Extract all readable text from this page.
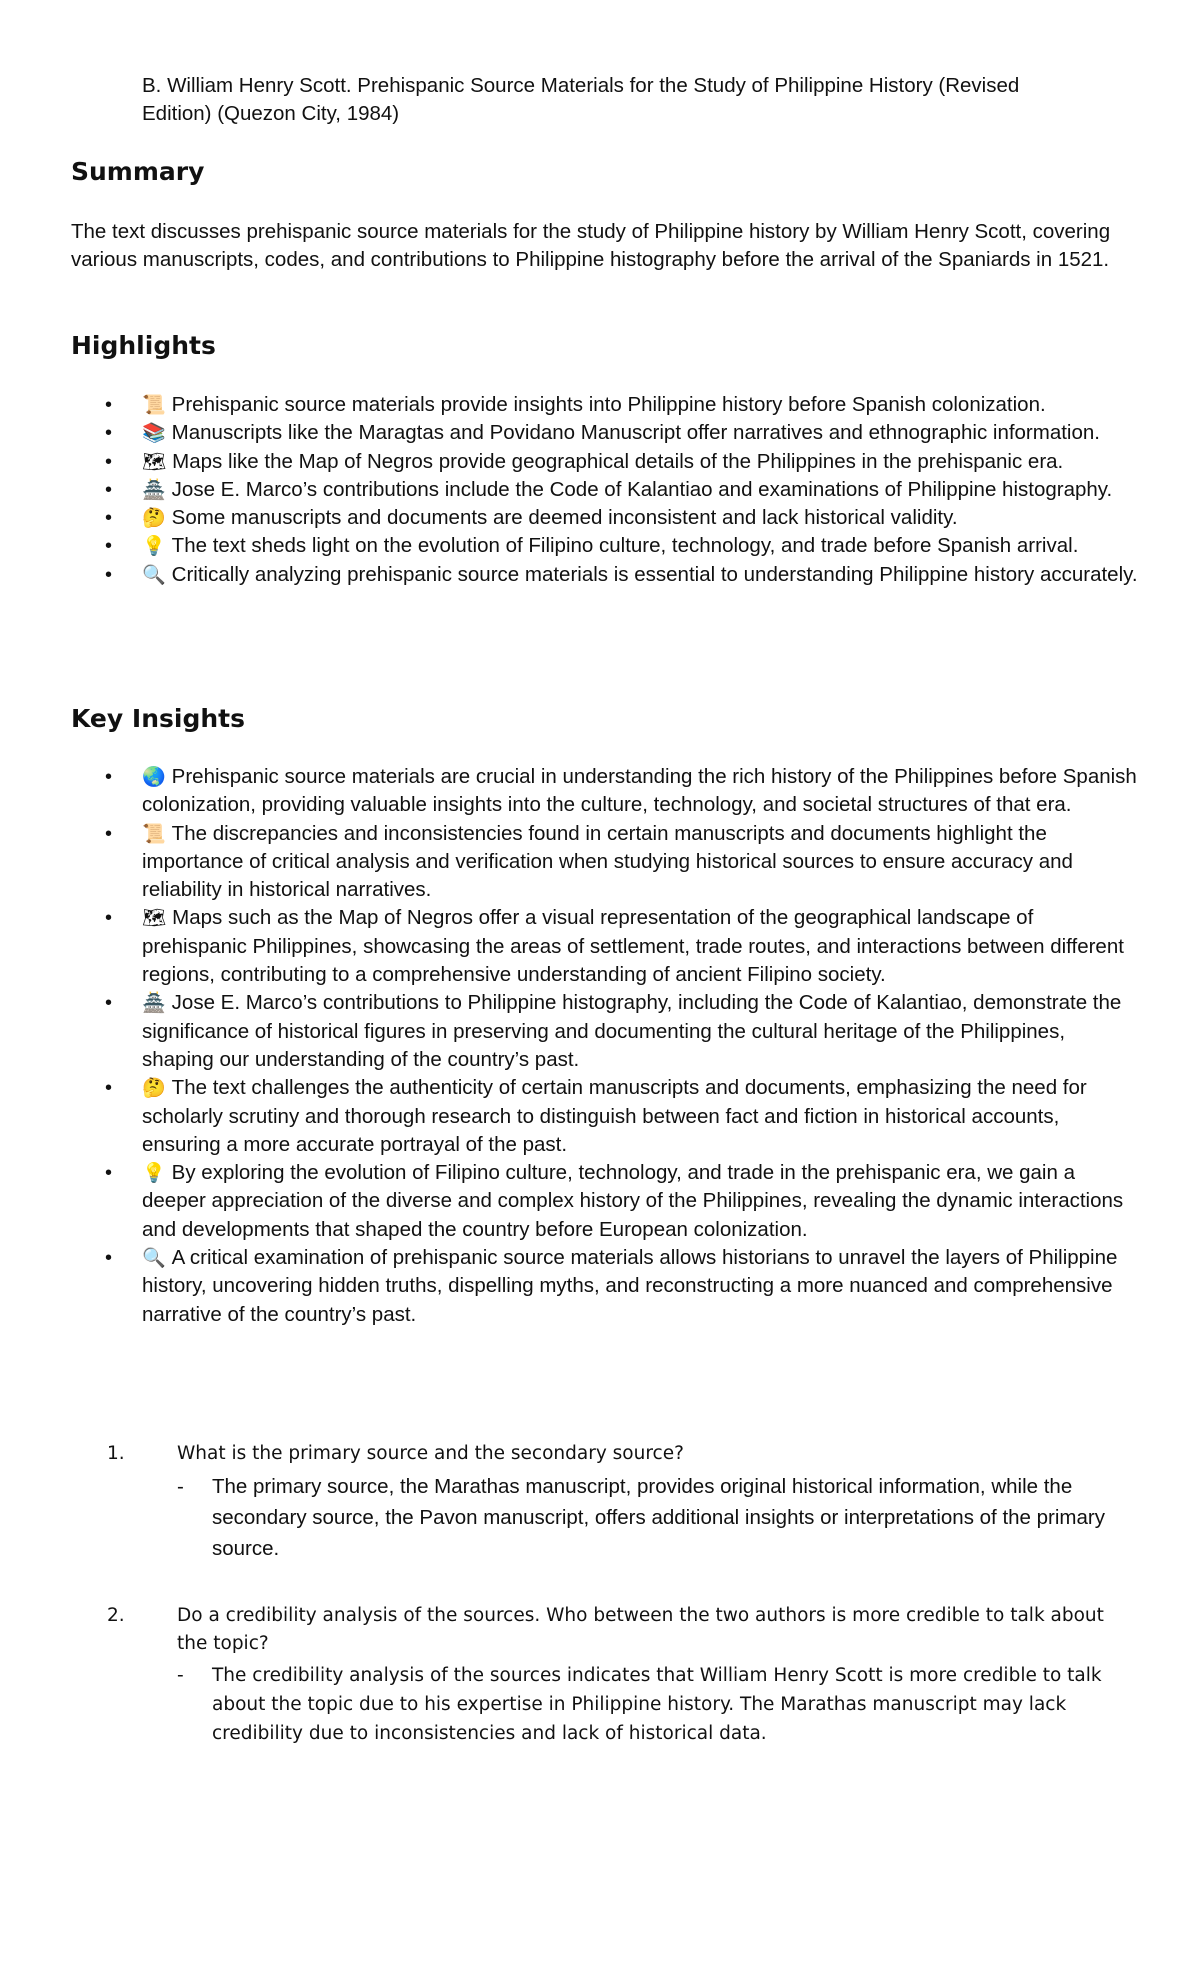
B. William Henry Scott. Prehispanic Source Materials for the Study of Philippine History (Revised Edition) (Quezon City, 1984)
Summary

The text discusses prehispanic source materials for the study of Philippine history by William Henry Scott, covering various manuscripts, codes, and contributions to Philippine histography before the arrival of the Spaniards in 1521.

Highlights
• 📜 Prehispanic source materials provide insights into Philippine history before Spanish colonization.
• 📚 Manuscripts like the Maragtas and Povidano Manuscript offer narratives and ethnographic information.
• 🗺 Maps like the Map of Negros provide geographical details of the Philippines in the prehispanic era.
• 🏯 Jose E. Marco’s contributions include the Code of Kalantiao and examinations of Philippine histography.
• 🤔 Some manuscripts and documents are deemed inconsistent and lack historical validity.
• 💡 The text sheds light on the evolution of Filipino culture, technology, and trade before Spanish arrival.
• 🔍 Critically analyzing prehispanic source materials is essential to understanding Philippine history accurately.
Key Insights
• 🌏 Prehispanic source materials are crucial in understanding the rich history of the Philippines before Spanish colonization, providing valuable insights into the culture, technology, and societal structures of that era.
• 📜 The discrepancies and inconsistencies found in certain manuscripts and documents highlight the importance of critical analysis and verification when studying historical sources to ensure accuracy and reliability in historical narratives.
• 🗺 Maps such as the Map of Negros offer a visual representation of the geographical landscape of prehispanic Philippines, showcasing the areas of settlement, trade routes, and interactions between different regions, contributing to a comprehensive understanding of ancient Filipino society.
• 🏯 Jose E. Marco’s contributions to Philippine histography, including the Code of Kalantiao, demonstrate the significance of historical figures in preserving and documenting the cultural heritage of the Philippines, shaping our understanding of the country’s past.
• 🤔 The text challenges the authenticity of certain manuscripts and documents, emphasizing the need for scholarly scrutiny and thorough research to distinguish between fact and fiction in historical accounts, ensuring a more accurate portrayal of the past.
• 💡 By exploring the evolution of Filipino culture, technology, and trade in the prehispanic era, we gain a deeper appreciation of the diverse and complex history of the Philippines, revealing the dynamic interactions and developments that shaped the country before European colonization.
• 🔍 A critical examination of prehispanic source materials allows historians to unravel the layers of Philippine history, uncovering hidden truths, dispelling myths, and reconstructing a more nuanced and comprehensive narrative of the country’s past.
1.	What is the primary source and the secondary source?
- The primary source, the Marathas manuscript, provides original historical information, while the secondary source, the Pavon manuscript, offers additional insights or interpretations of the primary source.
2.	Do a credibility analysis of the sources. Who between the two authors is more credible to talk about the topic?
- The credibility analysis of the sources indicates that William Henry Scott is more credible to talk about the topic due to his expertise in Philippine history. The Marathas manuscript may lack credibility due to inconsistencies and lack of historical data.
